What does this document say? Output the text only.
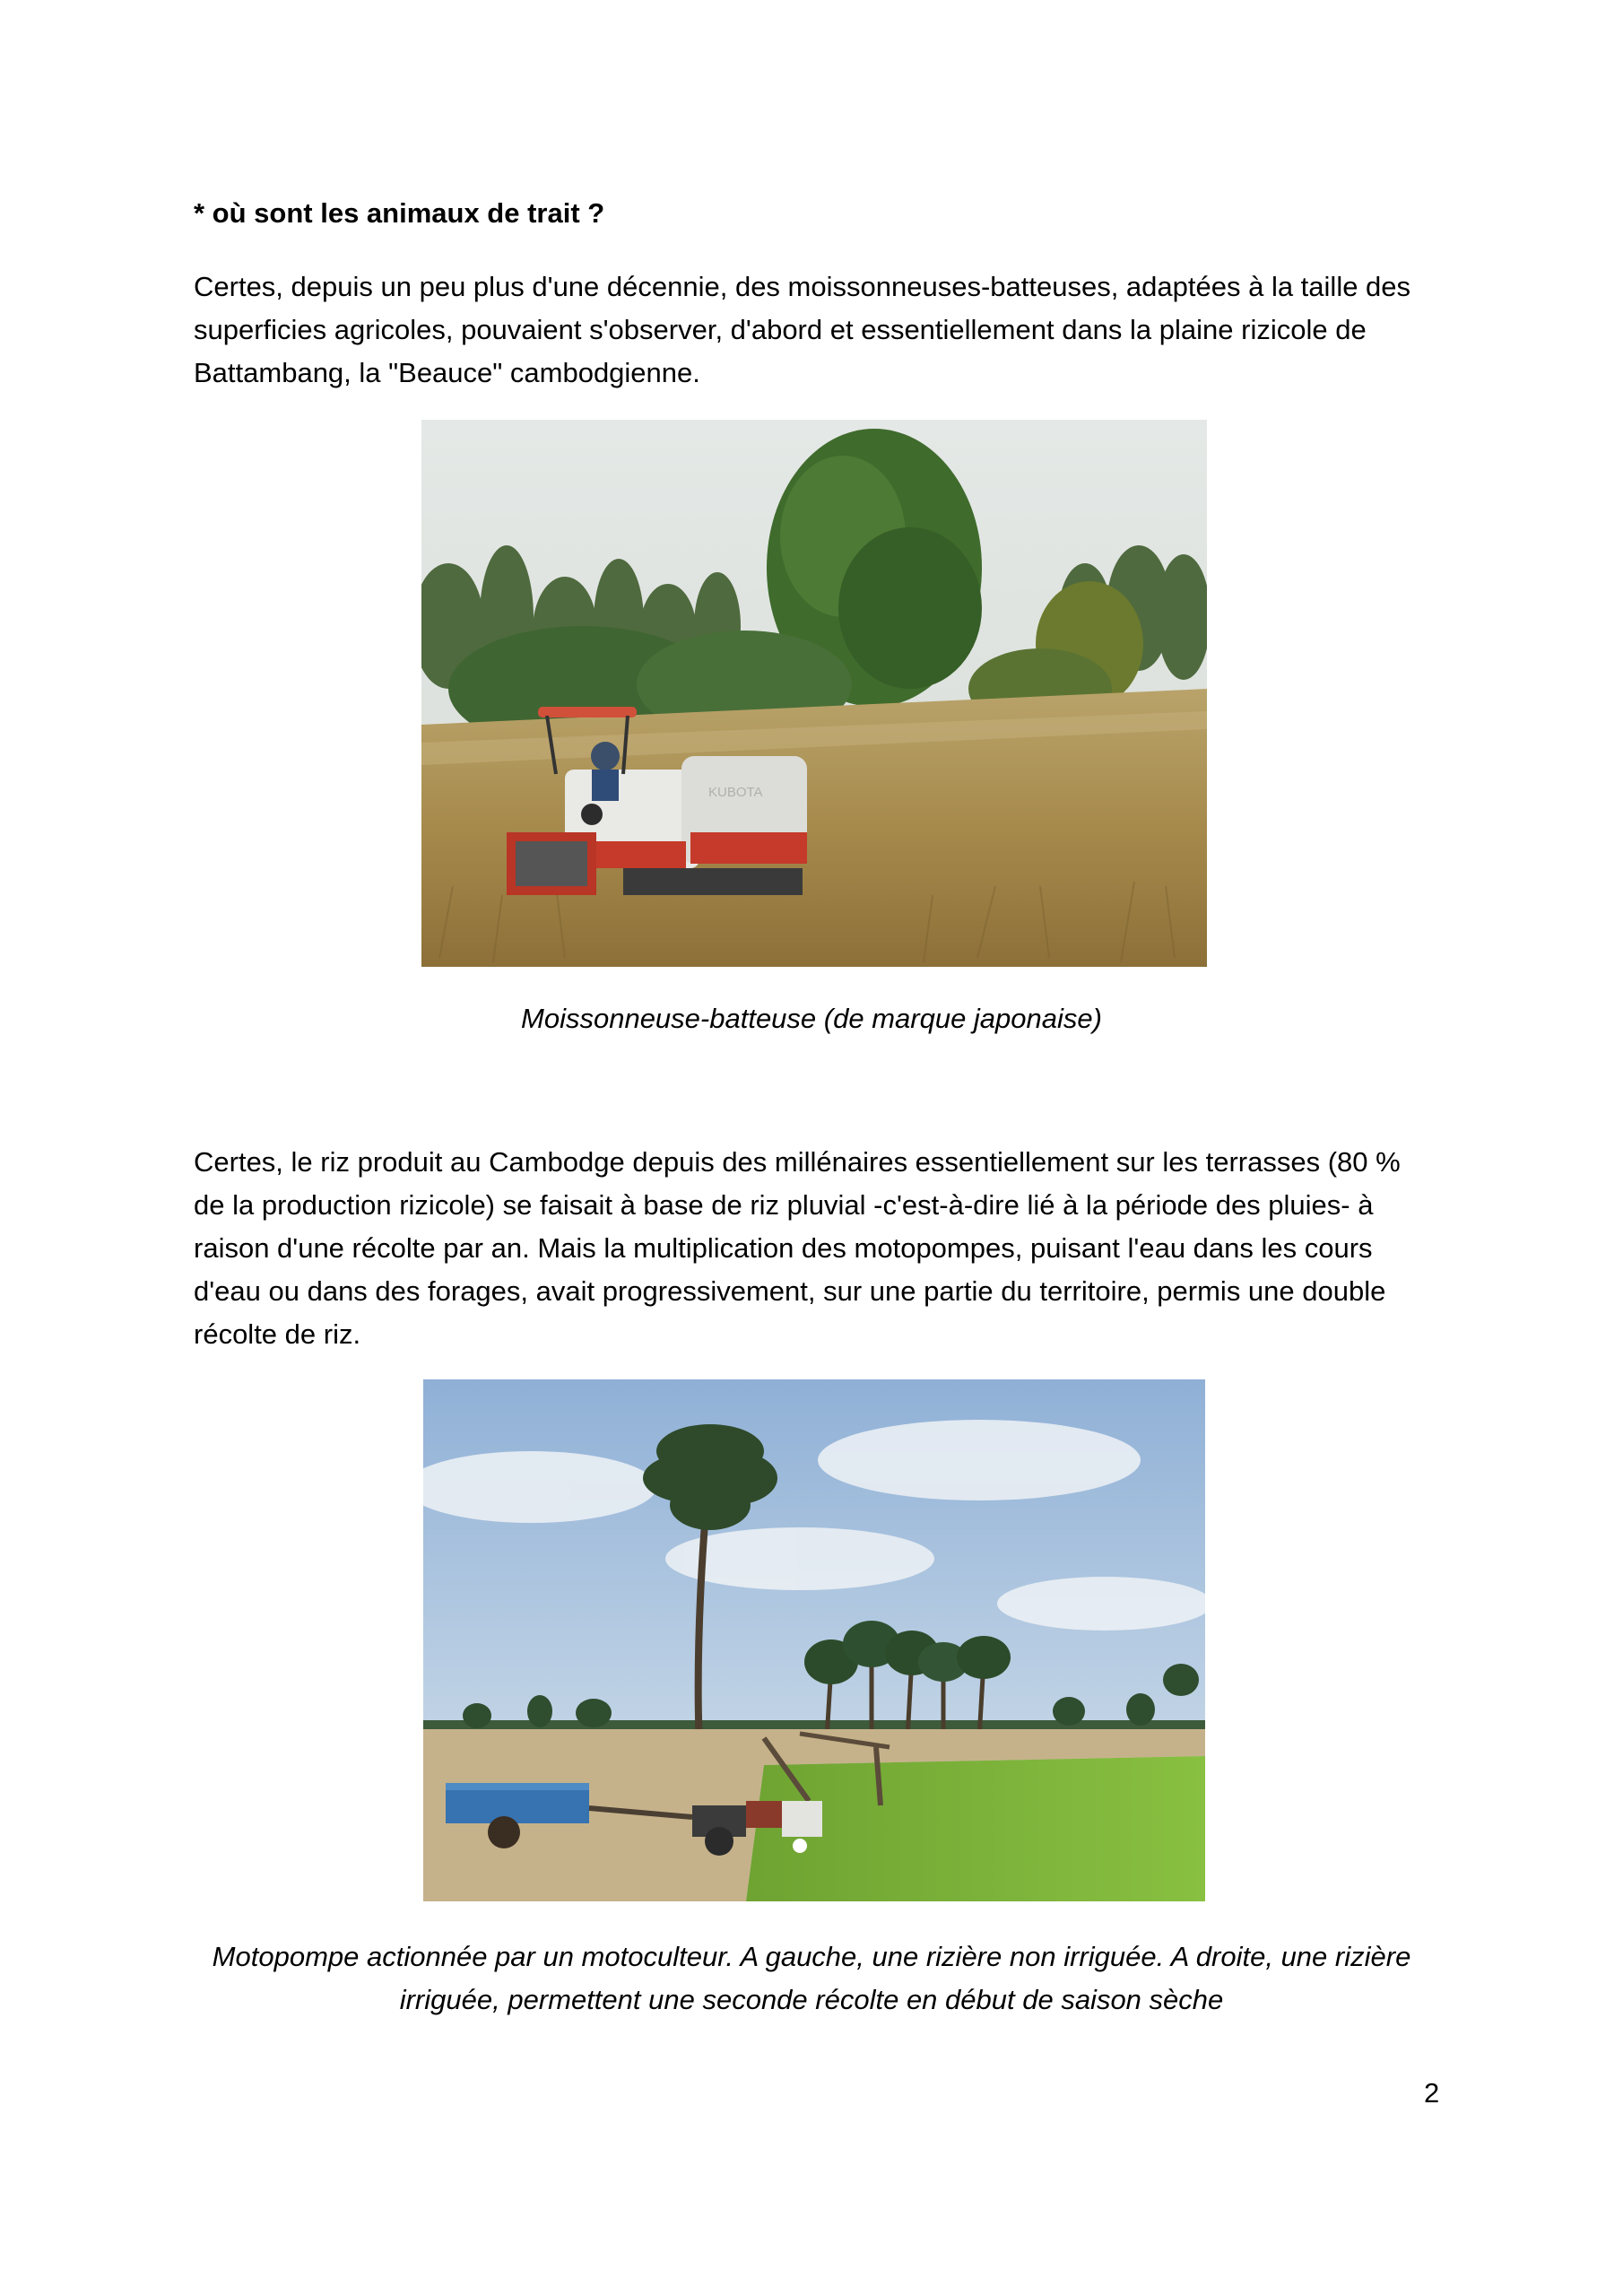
* où sont les animaux de trait ?
Certes, depuis un peu plus d'une décennie, des moissonneuses-batteuses, adaptées à la taille des superficies agricoles, pouvaient s'observer, d'abord et essentiellement dans la plaine rizicole de Battambang, la "Beauce" cambodgienne.
KUBOTA
Moissonneuse-batteuse (de marque japonaise)
Certes, le riz produit au Cambodge depuis des millénaires essentiellement sur les terrasses (80 % de la production rizicole) se faisait à base de riz pluvial -c'est-à-dire lié à la période des pluies- à raison d'une récolte par an. Mais la multiplication des motopompes, puisant l'eau dans les cours d'eau ou dans des forages, avait progressivement, sur une partie du territoire, permis une double récolte de riz.
Motopompe actionnée par un motoculteur. A gauche, une rizière non irriguée. A droite, une rizière
irriguée, permettent une seconde récolte en début de saison sèche
2
